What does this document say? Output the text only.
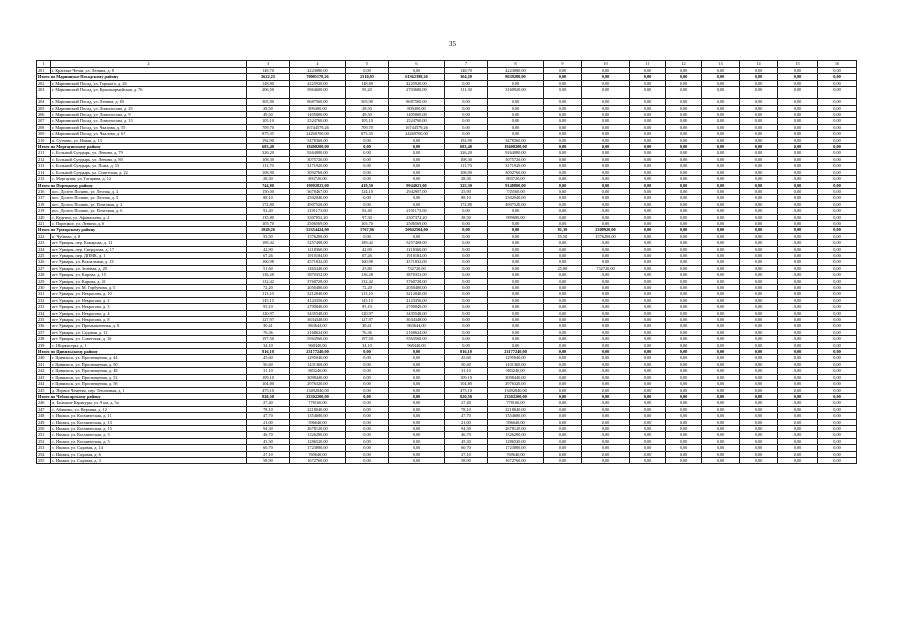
35
1	2	3	4	5	6	7	8	9	10	11	12	13	14	15	16
201	г. Красные Четаи, ул. Ленина, д. 8	148,70	4223080,00	0,00	0,00	148,70	4223080,00	0,00	0,00	0,00	0,00	0,00	0,00	0,00	0,00
Итого по Мариинско-Посадскому району		2622,25	70001178,26	2310,05	61362398,26	304,20	8639280,00	0,00	0,00	0,00	0,00	0,00	0,00	0,00	0,00
202	г. Мариинский Посад, ул. Горького, д. 26	148,80	4225920,00	148,80	4225920,00	0,00	0,00	0,00	0,00	0,00	0,00	0,00	0,00	0,00	0,00
203	г. Мариинский Посад, ул. Красноармейская, д. 76	206,50	5864600,00	95,20	2703680,00	111,30	3160920,00	0,00	0,00	0,00	0,00	0,00	0,00	0,00	0,00
204	г. Мариинский Посад, ул. Ленина, д. 65	305,90	8687560,00	305,90	8687560,00	0,00	0,00	0,00	0,00	0,00	0,00	0,00	0,00	0,00	0,00
205	г. Мариинский Посад, ул. Ломоносова, д. 25	28,50	809400,00	28,50	809400,00	0,00	0,00	0,00	0,00	0,00	0,00	0,00	0,00	0,00	0,00
206	г. Мариинский Посад, ул. Ломоносова, д. 9	49,50	1405800,00	49,50	1405800,00	0,00	0,00	0,00	0,00	0,00	0,00	0,00	0,00	0,00	0,00
207	г. Мариинский Посад, ул. Ломоносова, д. 13	105,10	2524760,00	105,10	2524760,00	0,00	0,00	0,00	0,00	0,00	0,00	0,00	0,00	0,00	0,00
208	г. Мариинский Посад, ул. Чкалова, д. 55	709,70	16744579,26	709,70	16744579,26	0,00	0,00	0,00	0,00	0,00	0,00	0,00	0,00	0,00	0,00
209	г. Мариинский Посад, ул. Чкалова, д. 67	875,35	24260700,00	875,35	24260700,00	0,00	0,00	0,00	0,00	0,00	0,00	0,00	0,00	0,00	0,00
210	п. Сутчево, ул. Новая, д. 13	192,90	5478360,00	0,00	0,00	192,90	5478360,00	0,00	0,00	0,00	0,00	0,00	0,00	0,00	0,00
Итого по Моргаушскому району		683,40	19408200,00	0,00	0,00	683,40	19408200,00	0,00	0,00	0,00	0,00	0,00	0,00	0,00	0,00
211	с. Большой Сундырь, ул. Ленина, д. 79	326,20	9264080,00	0,00	0,00	326,20	9264080,00	0,00	0,00	0,00	0,00	0,00	0,00	0,00	0,00
212	с. Большой Сундырь, ул. Ленина, д. 80	108,30	3075720,00	0,00	0,00	108,30	3075720,00	0,00	0,00	0,00	0,00	0,00	0,00	0,00	0,00
213	с. Большой Сундырь, ул. Пожа, д. 15	111,70	3171920,00	0,00	0,00	111,70	3171920,00	0,00	0,00	0,00	0,00	0,00	0,00	0,00	0,00
214	с. Большой Сундырь, ул. Советская, д. 22	108,90	3092760,00	0,00	0,00	108,90	3092760,00	0,00	0,00	0,00	0,00	0,00	0,00	0,00	0,00
215	с. Моргауши, ул. Гагарина, д. 12	28,30	803720,00	0,00	0,00	28,30	803720,00	0,00	0,00	0,00	0,00	0,00	0,00	0,00	0,00
Итого по Порецкому району		744,80	19092823,00	419,50	9944023,00	325,30	9148800,00	0,00	0,00	0,00	0,00	0,00	0,00	0,00	0,00
216	пос. Долгго Поляно, ул. Лесная, д. 3	150,00	3678467,00	124,10	2942907,00	25,90	735560,00	0,00	0,00	0,00	0,00	0,00	0,00	0,00	0,00
217	пос. Долгго Поляно, ул. Лесная, д. 5	88,10	2502040,00	0,00	0,00	88,10	2502040,00	0,00	0,00	0,00	0,00	0,00	0,00	0,00	0,00
218	пос. Долгго Поляно, ул. Почтовая, д. 2	172,80	4907520,00	0,00	0,00	172,80	4907520,00	0,00	0,00	0,00	0,00	0,00	0,00	0,00	0,00
219	пос. Долгго Поляно, ул. Почтовая, д. 6	92,40	2191173,60	92,40	2191173,60	0,00	0,00	0,00	0,00	0,00	0,00	0,00	0,00	0,00	0,00
220	с. Кудеиха, ул. Афанасьева, д. 2	135,80	3307052,20	97,30	2307372,20	38,50	999680,00	0,00	0,00	0,00	0,00	0,00	0,00	0,00	0,00
221	с. Порецкое, ул. Ленина, д. 6	105,70	2506569,00	105,70	2506569,00	0,00	0,00	0,00	0,00	0,00	0,00	0,00	0,00	0,00	0,00
Итого по Урмарскому району		1849,26	52354424,00	1767,96	50042504,00	0,00	0,00	81,30	2308920,00	0,00	0,00	0,00	0,00	0,00	0,00
222	п. Чубаево, д. 8	55,50	1576200,00	0,00	0,00	0,00	0,00	55,50	1576200,00	0,00	0,00	0,00	0,00	0,00	0,00
223	пгт Урмары, пер. Комарова, д. 13	189,42	5257408,00	189,42	5257408,00	0,00	0,00	0,00	0,00	0,00	0,00	0,00	0,00	0,00	0,00
224	пгт Урмары, пер. Свердлова, д. 17	42,90	1218360,00	42,90	1218360,00	0,00	0,00	0,00	0,00	0,00	0,00	0,00	0,00	0,00	0,00
225	пгт Урмары, пер. ДПМК, д. 1	67,26	1910184,00	67,26	1910184,00	0,00	0,00	0,00	0,00	0,00	0,00	0,00	0,00	0,00	0,00
226	пгт Урмары, ул. Вокзальная, д. 13	160,98	4571832,00	160,98	4571832,00	0,00	0,00	0,00	0,00	0,00	0,00	0,00	0,00	0,00	0,00
227	пгт Урмары, ул. Зелёная, д. 29	51,60	1465440,00	25,80	732720,00	0,00	0,00	25,80	732720,00	0,00	0,00	0,00	0,00	0,00	0,00
228	пгт Урмары, ул. Кирова, д. 15	136,28	3870352,00	136,28	3870352,00	0,00	0,00	0,00	0,00	0,00	0,00	0,00	0,00	0,00	0,00
229	пгт Урмары, ул. Кирова, д. 21	132,42	3760728,00	132,42	3760728,00	0,00	0,00	0,00	0,00	0,00	0,00	0,00	0,00	0,00	0,00
230	пгт Урмары, ул. М. Горбунова, д. 5	72,20	2050480,00	72,20	2050480,00	0,00	0,00	0,00	0,00	0,00	0,00	0,00	0,00	0,00	0,00
231	пгт Урмары, ул. Некрасова, д. 10	113,10	3212040,00	113,10	3212040,00	0,00	0,00	0,00	0,00	0,00	0,00	0,00	0,00	0,00	0,00
232	пгт Урмары, ул. Некрасова, д. 2	145,15	4123356,00	145,15	4123356,00	0,00	0,00	0,00	0,00	0,00	0,00	0,00	0,00	0,00	0,00
233	пгт Урмары, ул. Некрасова, д. 3	95,10	2700840,00	95,10	2700840,00	0,00	0,00	0,00	0,00	0,00	0,00	0,00	0,00	0,00	0,00
234	пгт Урмары, ул. Некрасова, д. 4	120,97	3435548,00	120,97	3435548,00	0,00	0,00	0,00	0,00	0,00	0,00	0,00	0,00	0,00	0,00
235	пгт Урмары, ул. Некрасова, д. 8	127,97	3634348,00	127,97	3634348,00	0,00	0,00	0,00	0,00	0,00	0,00	0,00	0,00	0,00	0,00
236	пгт Урмары, ул. Промышленная, д. 8	30,41	863644,00	30,41	863644,00	0,00	0,00	0,00	0,00	0,00	0,00	0,00	0,00	0,00	0,00
237	пгт Урмары, ул. Садовая, д. 12	76,36	2168624,00	76,36	2168624,00	0,00	0,00	0,00	0,00	0,00	0,00	0,00	0,00	0,00	0,00
238	пгт Урмары, ул. Советская, д. 10	197,50	5563560,00	197,50	5563560,00	0,00	0,00	0,00	0,00	0,00	0,00	0,00	0,00	0,00	0,00
239	с. Шоркистры, д. 1	34,10	968440,00	34,10	968440,00	0,00	0,00	0,00	0,00	0,00	0,00	0,00	0,00	0,00	0,00
Итого по Цивильскому району		816,10	23177240,00	0,00	0,00	816,10	23177240,00	0,00	0,00	0,00	0,00	0,00	0,00	0,00	0,00
240	г. Цивильск, ул. Просвещения, д. 44	45,60	1295040,00	0,00	0,00	45,60	1295040,00	0,00	0,00	0,00	0,00	0,00	0,00	0,00	0,00
241	г. Цивильск, ул. Просвещения, д. 50	50,40	1431360,00	0,00	0,00	50,40	1431360,00	0,00	0,00	0,00	0,00	0,00	0,00	0,00	0,00
242	г. Цивильск, ул. Просвещения, д. 48	31,10	883240,00	0,00	0,00	31,10	883240,00	0,00	0,00	0,00	0,00	0,00	0,00	0,00	0,00
243	г. Цивильск, ул. Просвещения, д. 52	109,10	3098440,00	0,00	0,00	109,10	3098440,00	0,00	0,00	0,00	0,00	0,00	0,00	0,00	0,00
244	г. Цивильск, ул. Просвещения, д. 56	104,80	2976320,00	0,00	0,00	104,80	2976320,00	0,00	0,00	0,00	0,00	0,00	0,00	0,00	0,00
245	д. Первое Чемеево, пер. Тепличная, д. 1	475,10	13492840,00	0,00	0,00	475,10	13492840,00	0,00	0,00	0,00	0,00	0,00	0,00	0,00	0,00
Итого по Чебоксарскому району		820,50	23302200,00	0,00	0,00	820,50	23302200,00	0,00	0,00	0,00	0,00	0,00	0,00	0,00	0,00
246	п. Большие Карачуры, ул. 9 км, д. 5а	27,40	778160,00	0,00	0,00	27,40	778160,00	0,00	0,00	0,00	0,00	0,00	0,00	0,00	0,00
247	с. Абашево, ул. Верхняя, д. 12	78,10	2218040,00	0,00	0,00	78,10	2218040,00	0,00	0,00	0,00	0,00	0,00	0,00	0,00	0,00
248	с. Ишаки, ул. Космическая, д. 11	47,70	1354680,00	0,00	0,00	47,70	1354680,00	0,00	0,00	0,00	0,00	0,00	0,00	0,00	0,00
249	с. Ишаки, ул. Космическая, д. 13	21,00	596640,00	0,00	0,00	21,00	596640,00	0,00	0,00	0,00	0,00	0,00	0,00	0,00	0,00
250	с. Ишаки, ул. Космическая, д. 15	94,30	2678120,00	0,00	0,00	94,30	2678120,00	0,00	0,00	0,00	0,00	0,00	0,00	0,00	0,00
251	с. Ишаки, ул. Космическая, д. 3	46,70	1326280,00	0,00	0,00	46,70	1326280,00	0,00	0,00	0,00	0,00	0,00	0,00	0,00	0,00
252	с. Ишаки, ул. Космическая, д. 5	45,30	1286520,00	0,00	0,00	45,30	1286520,00	0,00	0,00	0,00	0,00	0,00	0,00	0,00	0,00
253	с. Ишаки, ул. Садовая, д. 14	60,70	1723880,00	0,00	0,00	60,70	1723880,00	0,00	0,00	0,00	0,00	0,00	0,00	0,00	0,00
254	с. Ишаки, ул. Садовая, д. 6	27,10	769640,00	0,00	0,00	27,10	769640,00	0,00	0,00	0,00	0,00	0,00	0,00	0,00	0,00
255	с. Ишаки, ул. Садовая, д. 3	58,90	1672760,00	0,00	0,00	58,90	1672760,00	0,00	0,00	0,00	0,00	0,00	0,00	0,00	0,00
